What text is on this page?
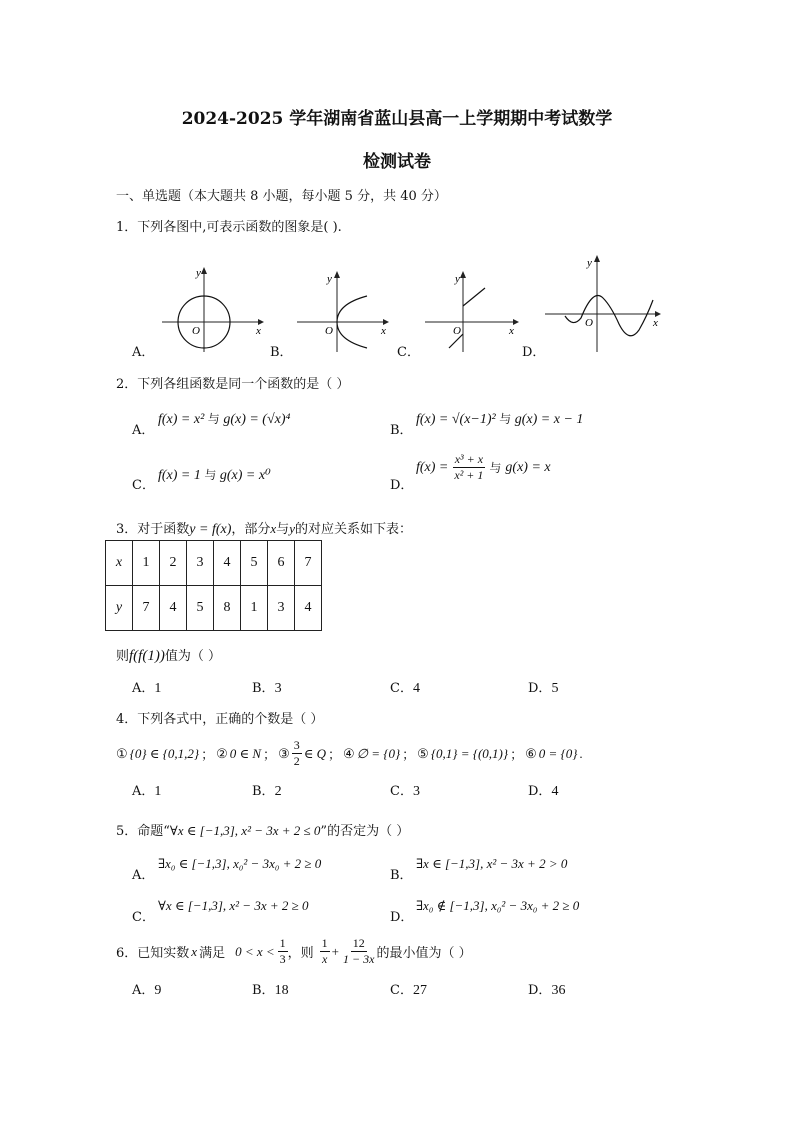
2024-2025 学年湖南省蓝山县高一上学期期中考试数学
检测试卷
一、单选题（本大题共 8 小题，每小题 5 分，共 40 分）
1．下列各图中,可表示函数的图象是( ).
y
x
O
A．
y
x
O
B．
y
x
O
C．
y
x
O
D．
2．下列各组函数是同一个函数的是（ ）
A．
f(x) = x² 与 g(x) = (√x)⁴
B．
f(x) = √(x−1)² 与 g(x) = x − 1
C．
f(x) = 1 与 g(x) = x⁰
D．
$f(x) = \frac{\text{x³ + x}}{\text{x² + 1}}$ 与 g(x) = x
3．对于函数y = f(x)，部分x与y的对应关系如下表：
x	1	2	3	4	5	6	7
y	7	4	5	8	1	3	4
则f(f(1))值为（ ）
A．1	B．3	C．4	D．5
4．下列各式中，正确的个数是（ ）
① {0} ∈ {0,1,2} ； ② 0 ∈ N ； ③ $\frac{3}{2}$ ∈ Q ； ④ ∅ = {0} ； ⑤ {0,1} = {(0,1)} ； ⑥ 0 = {0} .
A．1	B．2	C．3	D．4
5．命题“∀x ∈ [−1,3], x² − 3x + 2 ≤ 0”的否定为（ ）
A．
∃x₀ ∈ [−1,3], x₀² − 3x₀ + 2 ≥ 0
B．
∃x ∈ [−1,3], x² − 3x + 2 > 0
C．
∀x ∈ [−1,3], x² − 3x + 2 ≥ 0
D．
∃x₀ ∉ [−1,3], x₀² − 3x₀ + 2 ≥ 0
6．已知实数 x 满足 $0 < x < \frac{1}{3}$ ，则 $\frac{1}{x} + \frac{12}{1 - 3x}$ 的最小值为（ ）
A．9	B．18	C．27	D．36
